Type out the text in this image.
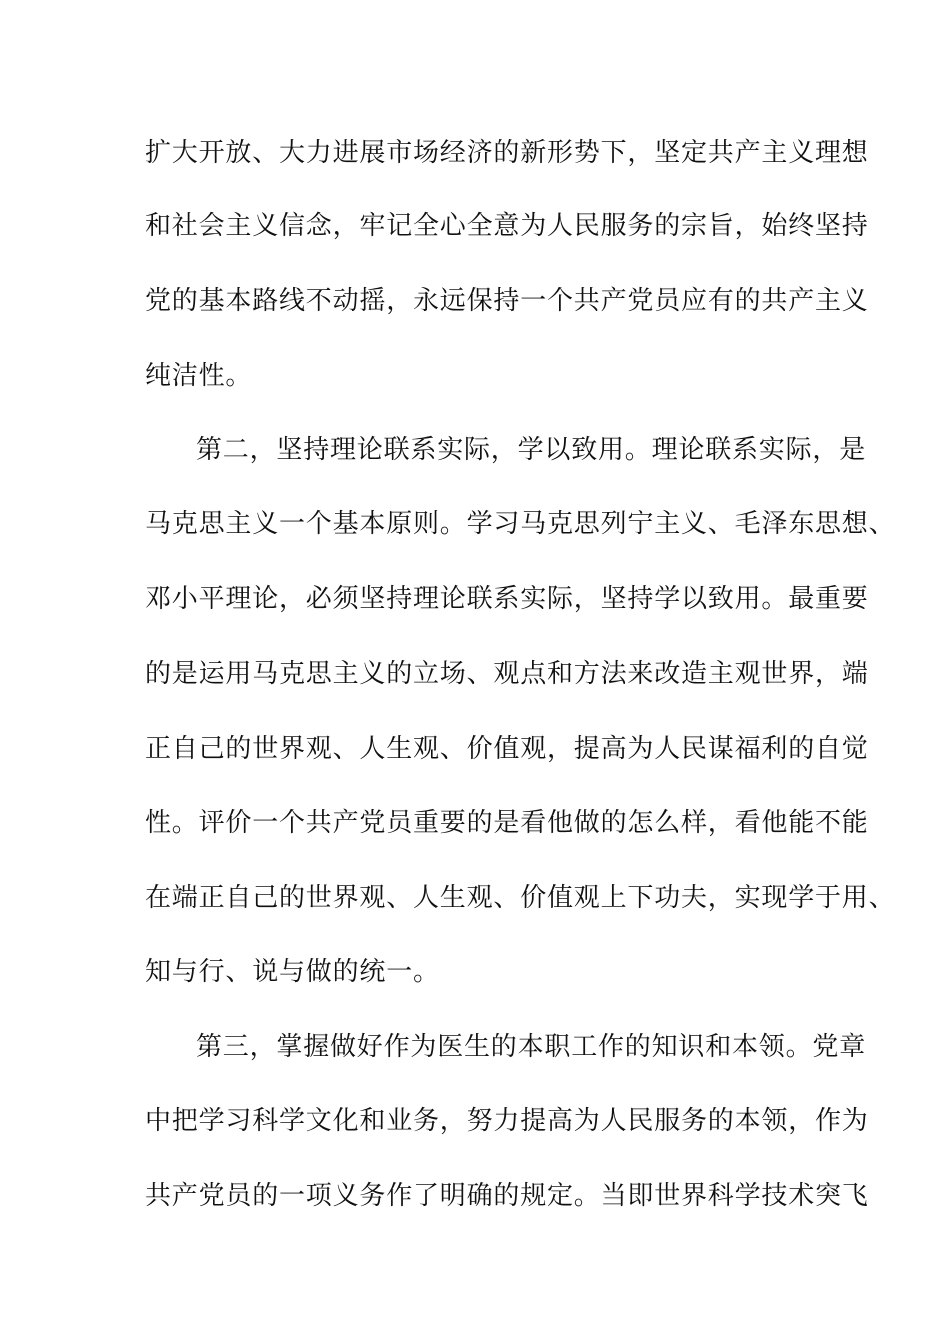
扩大开放、大力进展市场经济的新形势下，坚定共产主义理想
和社会主义信念，牢记全心全意为人民服务的宗旨，始终坚持
党的基本路线不动摇，永远保持一个共产党员应有的共产主义
纯洁性。
第二，坚持理论联系实际，学以致用。理论联系实际，是
马克思主义一个基本原则。学习马克思列宁主义、毛泽东思想、
邓小平理论，必须坚持理论联系实际，坚持学以致用。最重要
的是运用马克思主义的立场、观点和方法来改造主观世界，端
正自己的世界观、人生观、价值观，提高为人民谋福利的自觉
性。评价一个共产党员重要的是看他做的怎么样，看他能不能
在端正自己的世界观、人生观、价值观上下功夫，实现学于用、
知与行、说与做的统一。
第三，掌握做好作为医生的本职工作的知识和本领。党章
中把学习科学文化和业务，努力提高为人民服务的本领，作为
共产党员的一项义务作了明确的规定。当即世界科学技术突飞
